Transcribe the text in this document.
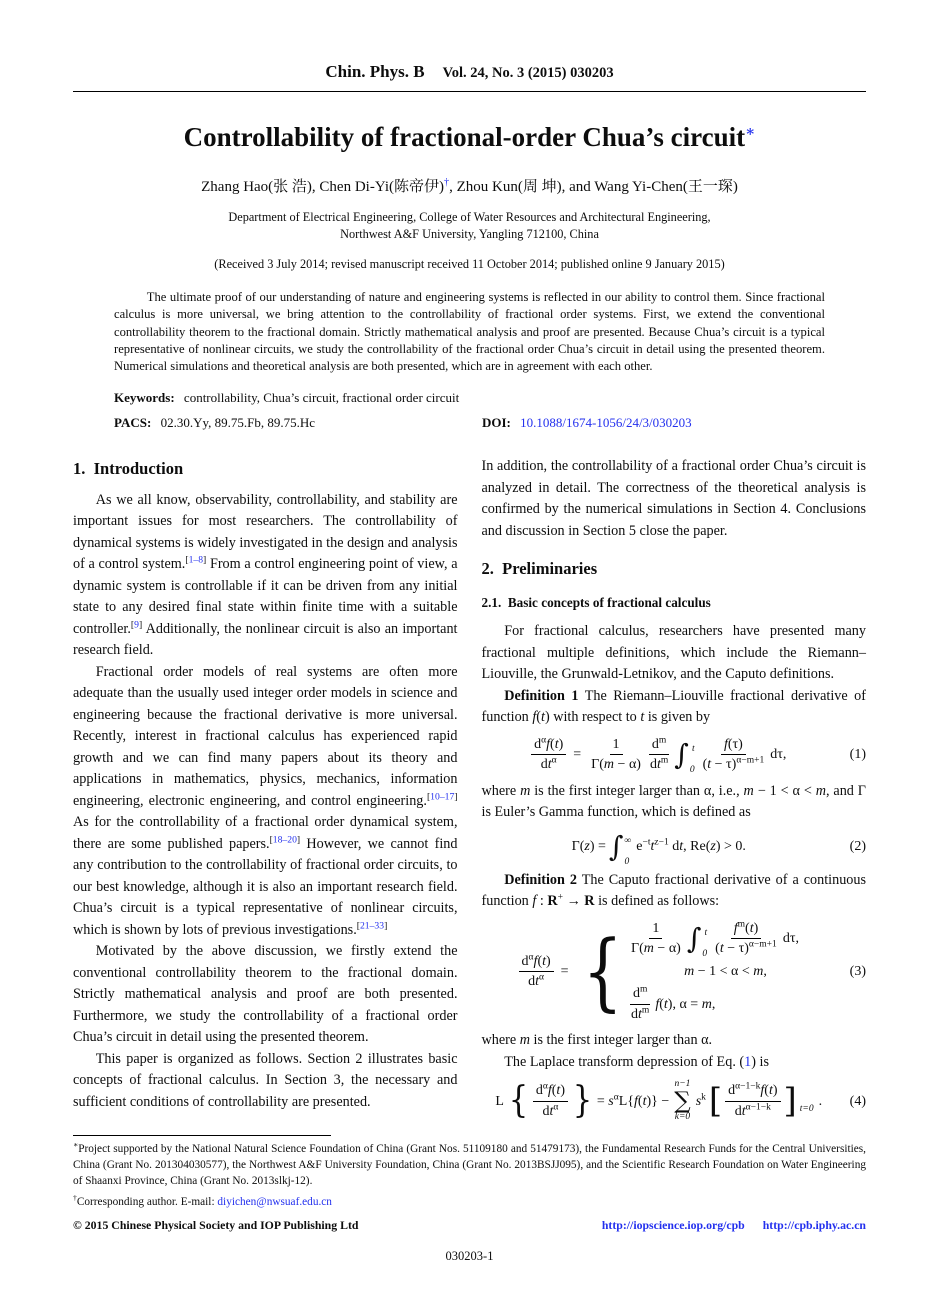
Chin. Phys. B Vol. 24, No. 3 (2015) 030203
Controllability of fractional-order Chua’s circuit∗
Zhang Hao(张 浩), Chen Di-Yi(陈帝伊)†, Zhou Kun(周 坤), and Wang Yi-Chen(王一琛)
Department of Electrical Engineering, College of Water Resources and Architectural Engineering,
Northwest A&F University, Yangling 712100, China
(Received 3 July 2014; revised manuscript received 11 October 2014; published online 9 January 2015)
The ultimate proof of our understanding of nature and engineering systems is reflected in our ability to control them. Since fractional calculus is more universal, we bring attention to the controllability of fractional order systems. First, we extend the conventional controllability theorem to the fractional domain. Strictly mathematical analysis and proof are presented. Because Chua’s circuit is a typical representative of nonlinear circuits, we study the controllability of the fractional order Chua’s circuit in detail using the presented theorem. Numerical simulations and theoretical analysis are both presented, which are in agreement with each other.
Keywords: controllability, Chua’s circuit, fractional order circuit
PACS: 02.30.Yy, 89.75.Fb, 89.75.Hc	DOI: 10.1088/1674-1056/24/3/030203
1.  Introduction

As we all know, observability, controllability, and stability are important issues for most researchers. The controllability of dynamical systems is widely investigated in the design and analysis of a control system.[1–8] From a control engineering point of view, a dynamic system is controllable if it can be driven from any initial state to any desired final state within finite time with a suitable controller.[9] Additionally, the nonlinear circuit is also an important research field.

Fractional order models of real systems are often more adequate than the usually used integer order models in science and engineering because the fractional derivative is more universal. Recently, interest in fractional calculus has experienced rapid growth and we can find many papers about its theory and applications in mathematics, physics, mechanics, information engineering, electronic engineering, and control engineering.[10–17] As for the controllability of a fractional order dynamical system, there are some published papers.[18–20] However, we cannot find any contribution to the controllability of fractional order circuits, to our best knowledge, although it is also an important research field. Chua’s circuit is a typical representative of nonlinear circuits, which is shown by lots of previous investigations.[21–33]

Motivated by the above discussion, we firstly extend the conventional controllability theorem to the fractional domain. Strictly mathematical analysis and proof are both presented. Furthermore, we study the controllability of a fractional order Chua’s circuit in detail using the presented theorem.

This paper is organized as follows. Section 2 illustrates basic concepts of fractional calculus. In Section 3, the necessary and sufficient conditions of controllability are presented.

In addition, the controllability of a fractional order Chua’s circuit is analyzed in detail. The correctness of the theoretical analysis is confirmed by the numerical simulations in Section 4. Conclusions and discussion in Section 5 close the paper.

2.  Preliminaries
2.1.  Basic concepts of fractional calculus

For fractional calculus, researchers have presented many fractional multiple definitions, which include the Riemann–Liouville, the Grunwald-Letnikov, and the Caputo definitions.

Definition 1 The Riemann–Liouville fractional derivative of function f(t) with respect to t is given by

$\frac{d^\alpha f(t)}{dt^\alpha} = \frac{1}{\Gamma(m - \alpha)} \frac{d^m}{dt^m}$ ∫ t
$0 \frac{f(\tau)}{(t - \tau)^{\alpha-m+1}} d\tau$,	(1)

where m is the first integer larger than α, i.e., m − 1 < α < m, and Γ is Euler’s Gamma function, which is defined as

Γ(z) = ∫ ∞
0
$e^{-t}t^{z-1}$ dt, Re(z) > 0.	(2)

Definition 2 The Caputo fractional derivative of a continuous function f : R+ → R is defined as follows:

$\frac{d^\alpha f(t)}{dt^\alpha}$ = { $\frac{1}{\Gamma(m - \alpha)}$ ∫ t
$0 \frac{f^m(t)}{(t - \tau)^{\alpha-m+1}} d\tau$,
m − 1 < α < m,
$\frac{d^m}{dt^m} f(t)$, α = m,
(3)

where m is the first integer larger than α.

The Laplace transform depression of Eq. (1) is

L { $\frac{d^\alpha f(t)}{dt^\alpha}$ } = $s^\alpha L\{f(t)\}$ −
n−1
∑
k=0
$s^k$ [ $\frac{d^{\alpha-1-k}f(t)}{dt^{\alpha-1-k}}$ ] t=0
.	(4)
∗Project supported by the National Natural Science Foundation of China (Grant Nos. 51109180 and 51479173), the Fundamental Research Funds for the Central Universities, China (Grant No. 201304030577), the Northwest A&F University Foundation, China (Grant No. 2013BSJJ095), and the Scientific Research Foundation on Water Engineering of Shaanxi Province, China (Grant No. 2013slkj-12).
†Corresponding author. E-mail: diyichen@nwsuaf.edu.cn
© 2015 Chinese Physical Society and IOP Publishing Ltd	http://iopscience.iop.org/cpb http://cpb.iphy.ac.cn
030203-1
